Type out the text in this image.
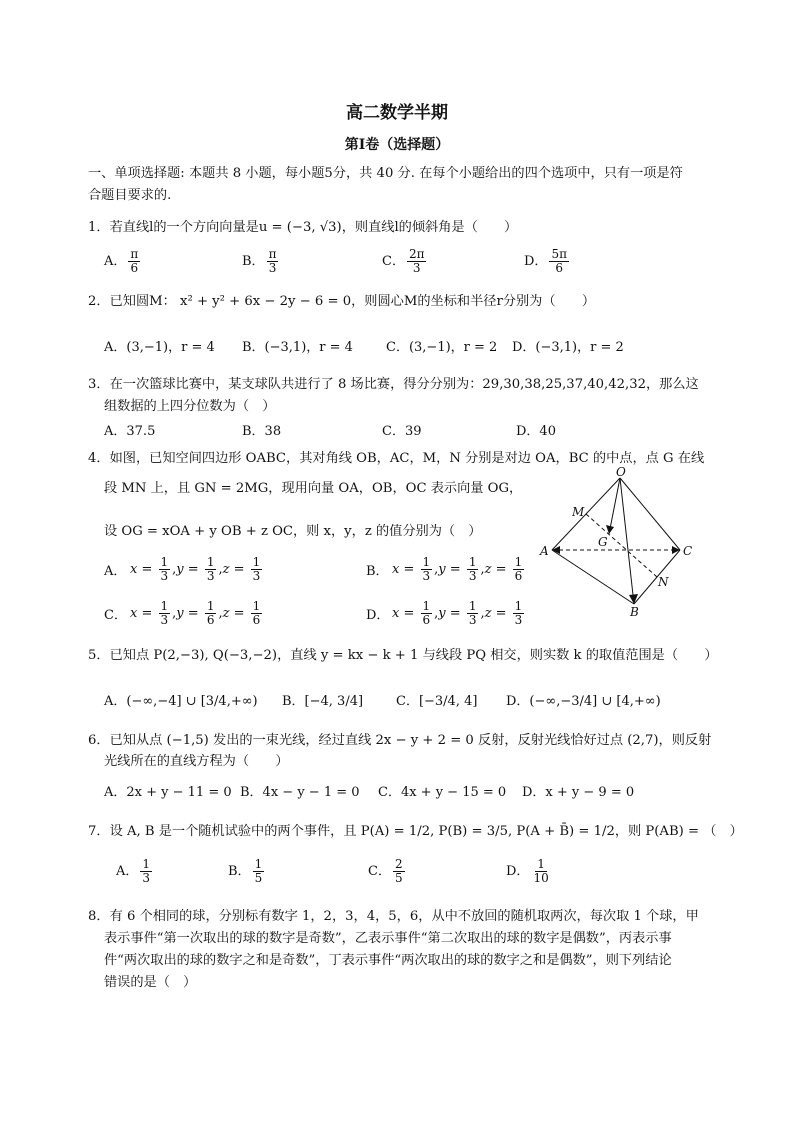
高二数学半期
第Ⅰ卷（选择题）
一、单项选择题: 本题共 8 小题，每小题5分，共 40 分. 在每个小题给出的四个选项中，只有一项是符
合题目要求的.
1．若直线l的一个方向向量是u = (−3, √3)，则直线l的倾斜角是（　　）
A． $\frac{\pi}{6}$	B． $\frac{\pi}{3}$	C． $\frac{2\pi}{3}$	D． $\frac{5\pi}{6}$
2．已知圆M： x² + y² + 6x − 2y − 6 = 0，则圆心M的坐标和半径r分别为（　　）
A．(3,−1)，r = 4 B．(−3,1)，r = 4	C．(3,−1)，r = 2 D．(−3,1)，r = 2
3．在一次篮球比赛中，某支球队共进行了 8 场比赛，得分分别为：29,30,38,25,37,40,42,32，那么这
组数据的上四分位数为（　）
A．37.5	B．38	C．39	D．40
4．如图，已知空间四边形 OABC，其对角线 OB，AC，M，N 分别是对边 OA，BC 的中点，点 G 在线
段 MN 上，且 GN = 2MG，现用向量 OA，OB，OC 表示向量 OG，
设 OG = xOA + y OB + z OC，则 x，y，z 的值分别为（　）
A． $x = \frac{1}{3} ,y = \frac{1}{3} ,z = \frac{1}{3}$	B． $x = \frac{1}{3} ,y = \frac{1}{3} ,z = \frac{1}{6}$
C． $x = \frac{1}{3} ,y = \frac{1}{6} ,z = \frac{1}{6}$	D． $x = \frac{1}{6} ,y = \frac{1}{3} ,z = \frac{1}{3}$
O
M
G
A	C
N
B
5．已知点 P(2,−3), Q(−3,−2)，直线 y = kx − k + 1 与线段 PQ 相交，则实数 k 的取值范围是（　　）
A．(−∞,−4] ∪ [3/4,+∞) B．[−4, 3/4]	C．[−3/4, 4] D．(−∞,−3/4] ∪ [4,+∞)
6．已知从点 (−1,5) 发出的一束光线，经过直线 2x − y + 2 = 0 反射，反射光线恰好过点 (2,7)，则反射
光线所在的直线方程为（　　）
A．2x + y − 11 = 0 B．4x − y − 1 = 0 C．4x + y − 15 = 0 D．x + y − 9 = 0
7．设 A, B 是一个随机试验中的两个事件，且 P(A) = 1/2, P(B) = 3/5, P(A + B̄) = 1/2，则 P(AB) = （　）
A． $\frac{1}{3}$	B． $\frac{1}{5}$	C． $\frac{2}{5}$	D． $\frac{1}{10}$
8．有 6 个相同的球，分别标有数字 1，2，3，4，5，6，从中不放回的随机取两次，每次取 1 个球，甲
表示事件“第一次取出的球的数字是奇数”，乙表示事件“第二次取出的球的数字是偶数”，丙表示事
件“两次取出的球的数字之和是奇数”，丁表示事件“两次取出的球的数字之和是偶数”，则下列结论
错误的是（　）
